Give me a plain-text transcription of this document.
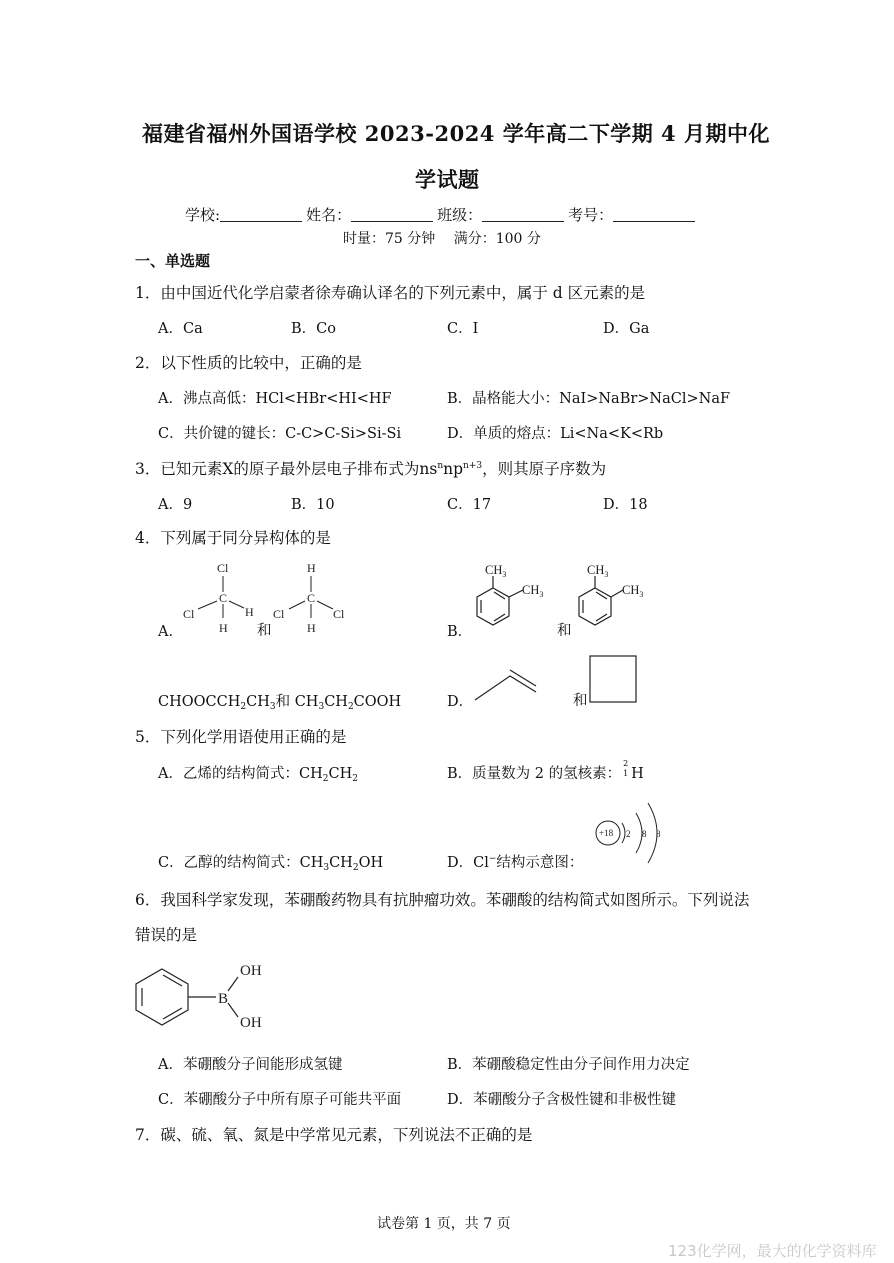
福建省福州外国语学校 2023-2024 学年高二下学期 4 月期中化
学试题
学校:	姓名：	班级：	考号：
时量：75 分钟　 满分：100 分
一、单选题
1．由中国近代化学启蒙者徐寿确认译名的下列元素中，属于 d 区元素的是
A．Ca	B．Co	C．I	D．Ga
2．以下性质的比较中，正确的是
A．沸点高低：HCl<HBr<HI<HF	B．晶格能大小：NaI>NaBr>NaCl>NaF
C．共价键的键长：C-C>C-Si>Si-Si	D．单质的熔点：Li<Na<K<Rb
3．已知元素X的原子最外层电子排布式为$ns^nnp^{n+3}$，则其原子序数为
A．9	B．10	C．17	D．18
4．下列属于同分异构体的是
A．
Cl
C
Cl	H
H
H
C
Cl	Cl
H
和	B．
$CH_3$
$CH_3$
$CH_3$
$CH_3$
和
$CHOOCCH_2CH_3$和 $CH_3CH_2COOH$	D．	和
5．下列化学用语使用正确的是
A．乙烯的结构简式：$CH_2CH_2$	B．质量数为 2 的氢核素：
2
1 H
C．乙醇的结构简式：$CH_3CH_2OH$	D．Cl−结构示意图：
+18 2 8 8
6．我国科学家发现，苯硼酸药物具有抗肿瘤功效。苯硼酸的结构简式如图所示。下列说法
错误的是
B
OH
OH
A．苯硼酸分子间能形成氢键	B．苯硼酸稳定性由分子间作用力决定
C．苯硼酸分子中所有原子可能共平面	D．苯硼酸分子含极性键和非极性键
7．碳、硫、氧、氮是中学常见元素，下列说法不正确的是
试卷第 1 页，共 7 页
123化学网，最大的化学资料库
